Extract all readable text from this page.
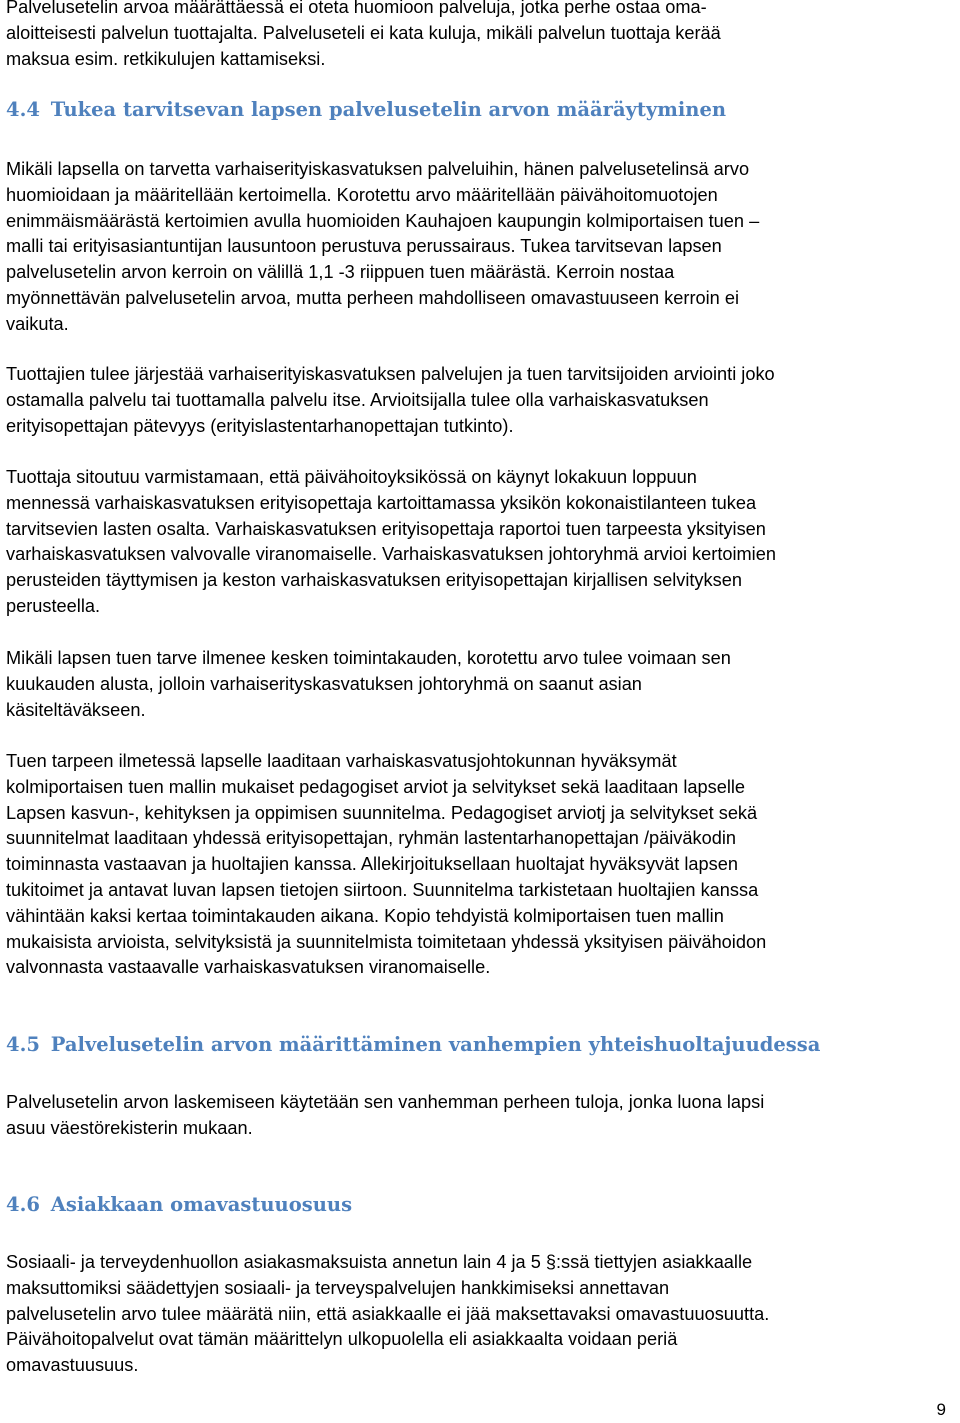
Palvelusetelin arvoa määrättäessä ei oteta huomioon palveluja, jotka perhe ostaa oma-
aloitteisesti palvelun tuottajalta. Palveluseteli ei kata kuluja, mikäli palvelun tuottaja kerää
maksua esim. retkikulujen kattamiseksi.

4.4 Tukea tarvitsevan lapsen palvelusetelin arvon määräytyminen

Mikäli lapsella on tarvetta varhaiserityiskasvatuksen palveluihin, hänen palvelusetelinsä arvo
huomioidaan ja määritellään kertoimella. Korotettu arvo määritellään päivähoitomuotojen
enimmäismäärästä kertoimien avulla huomioiden Kauhajoen kaupungin kolmiportaisen tuen –
malli tai erityisasiantuntijan lausuntoon perustuva perussairaus. Tukea tarvitsevan lapsen
palvelusetelin arvon kerroin on välillä 1,1 -3 riippuen tuen määrästä. Kerroin nostaa
myönnettävän palvelusetelin arvoa, mutta perheen mahdolliseen omavastuuseen kerroin ei
vaikuta.

Tuottajien tulee järjestää varhaiserityiskasvatuksen palvelujen ja tuen tarvitsijoiden arviointi joko
ostamalla palvelu tai tuottamalla palvelu itse. Arvioitsijalla tulee olla varhaiskasvatuksen
erityisopettajan pätevyys (erityislastentarhanopettajan tutkinto).

Tuottaja sitoutuu varmistamaan, että päivähoitoyksikössä on käynyt lokakuun loppuun
mennessä varhaiskasvatuksen erityisopettaja kartoittamassa yksikön kokonaistilanteen tukea
tarvitsevien lasten osalta. Varhaiskasvatuksen erityisopettaja raportoi tuen tarpeesta yksityisen
varhaiskasvatuksen valvovalle viranomaiselle. Varhaiskasvatuksen johtoryhmä arvioi kertoimien
perusteiden täyttymisen ja keston varhaiskasvatuksen erityisopettajan kirjallisen selvityksen
perusteella.

Mikäli lapsen tuen tarve ilmenee kesken toimintakauden, korotettu arvo tulee voimaan sen
kuukauden alusta, jolloin varhaiserityskasvatuksen johtoryhmä on saanut asian
käsiteltäväkseen.

Tuen tarpeen ilmetessä lapselle laaditaan varhaiskasvatusjohtokunnan hyväksymät
kolmiportaisen tuen mallin mukaiset pedagogiset arviot ja selvitykset sekä laaditaan lapselle
Lapsen kasvun-, kehityksen ja oppimisen suunnitelma. Pedagogiset arviotj ja selvitykset sekä
suunnitelmat laaditaan yhdessä erityisopettajan, ryhmän lastentarhanopettajan /päiväkodin
toiminnasta vastaavan ja huoltajien kanssa. Allekirjoituksellaan huoltajat hyväksyvät lapsen
tukitoimet ja antavat luvan lapsen tietojen siirtoon. Suunnitelma tarkistetaan huoltajien kanssa
vähintään kaksi kertaa toimintakauden aikana. Kopio tehdyistä kolmiportaisen tuen mallin
mukaisista arvioista, selvityksistä ja suunnitelmista toimitetaan yhdessä yksityisen päivähoidon
valvonnasta vastaavalle varhaiskasvatuksen viranomaiselle.

4.5 Palvelusetelin arvon määrittäminen vanhempien yhteishuoltajuudessa

Palvelusetelin arvon laskemiseen käytetään sen vanhemman perheen tuloja, jonka luona lapsi
asuu väestörekisterin mukaan.

4.6 Asiakkaan omavastuuosuus

Sosiaali- ja terveydenhuollon asiakasmaksuista annetun lain 4 ja 5 §:ssä tiettyjen asiakkaalle
maksuttomiksi säädettyjen sosiaali- ja terveyspalvelujen hankkimiseksi annettavan
palvelusetelin arvo tulee määrätä niin, että asiakkaalle ei jää maksettavaksi omavastuuosuutta.
Päivähoitopalvelut ovat tämän määrittelyn ulkopuolella eli asiakkaalta voidaan periä
omavastuusuus.

9
